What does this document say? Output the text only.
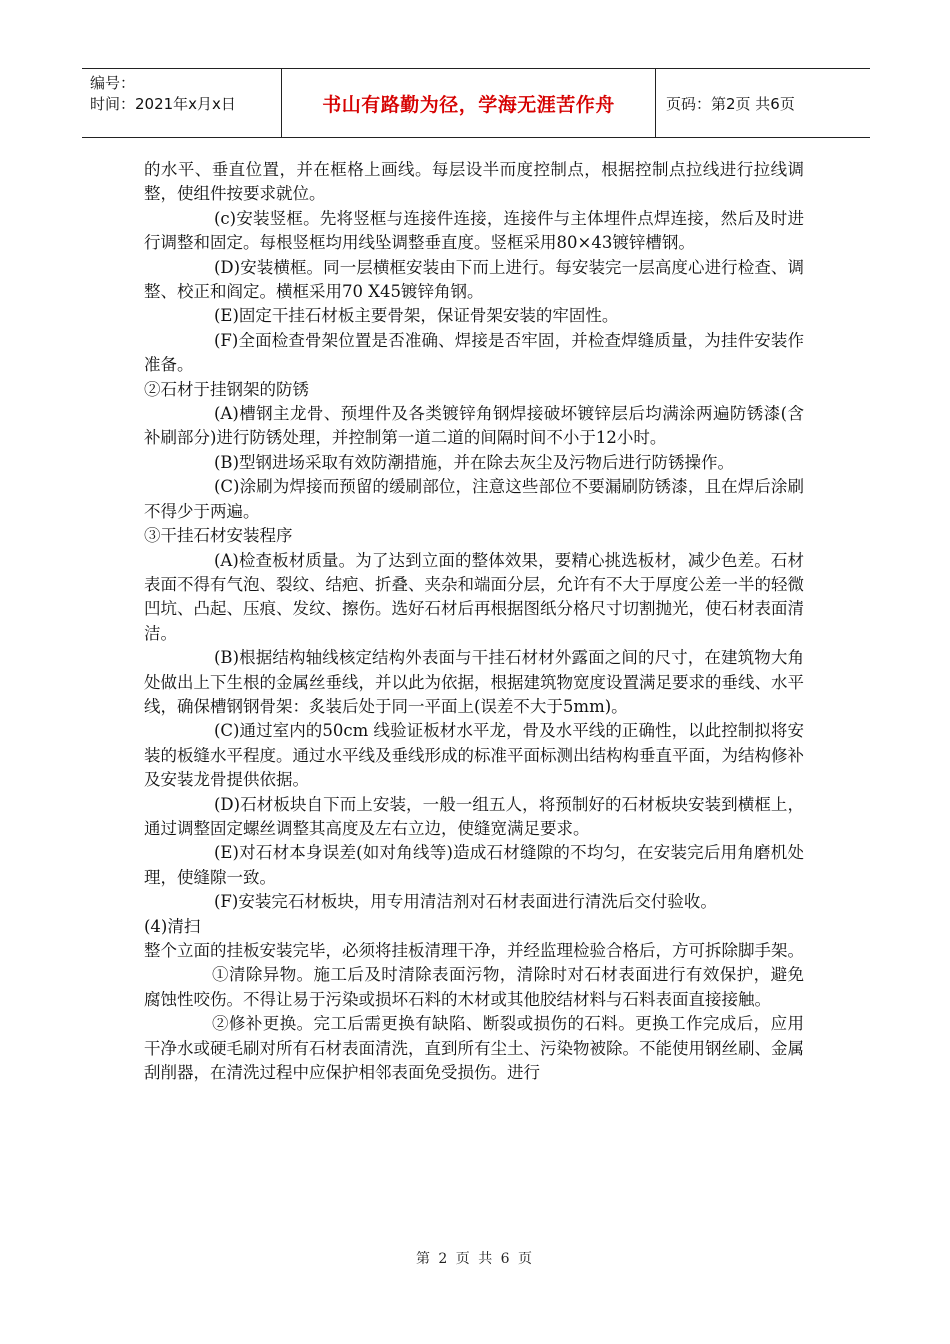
编号：
时间：2021年x月x日	书山有路勤为径，学海无涯苦作舟	页码：第2页 共6页

的水平、垂直位置，并在框格上画线。每层设半而度控制点，根据控制点拉线进行拉线调整，使组件按要求就位。

(c)安装竖框。先将竖框与连接件连接，连接件与主体埋件点焊连接，然后及时进行调整和固定。每根竖框均用线坠调整垂直度。竖框采用80×43镀锌槽钢。

(D)安装横框。同一层横框安装由下而上进行。每安装完一层高度心进行检查、调整、校正和阎定。横框采用70 X45镀锌角钢。

(E)固定干挂石材板主要骨架，保证骨架安装的牢固性。

(F)全面检查骨架位置是否准确、焊接是否牢固，并检查焊缝质量，为挂件安装作准备。

②石材于挂钢架的防锈

(A)槽钢主龙骨、预埋件及各类镀锌角钢焊接破坏镀锌层后均满涂两遍防锈漆(含补刷部分)进行防锈处理，并控制第一道二道的间隔时间不小于12小时。

(B)型钢进场采取有效防潮措施，并在除去灰尘及污物后进行防锈操作。

(C)涂刷为焊接而预留的缓刷部位，注意这些部位不要漏刷防锈漆，且在焊后涂刷不得少于两遍。

③干挂石材安装程序

(A)检查板材质量。为了达到立面的整体效果，要精心挑选板材，减少色差。石材表面不得有气泡、裂纹、结疤、折叠、夹杂和端面分层，允许有不大于厚度公差一半的轻微凹坑、凸起、压痕、发纹、擦伤。选好石材后再根据图纸分格尺寸切割抛光，使石材表面清洁。

(B)根据结构轴线核定结构外表面与干挂石材材外露面之间的尺寸，在建筑物大角处做出上下生根的金属丝垂线，并以此为依据，根据建筑物宽度设置满足要求的垂线、水平线，确保槽钢钢骨架：炙装后处于同一平面上(误差不大于5mm)。

(C)通过室内的50cm 线验证板材水平龙，骨及水平线的正确性，以此控制拟将安装的板缝水平程度。通过水平线及垂线形成的标准平面标测出结构构垂直平面，为结构修补及安装龙骨提供依据。

(D)石材板块自下而上安装，一般一组五人，将预制好的石材板块安装到横框上，通过调整固定螺丝调整其高度及左右立边，使缝宽满足要求。

(E)对石材本身误差(如对角线等)造成石材缝隙的不均匀，在安装完后用角磨机处理，使缝隙一致。

(F)安装完石材板块，用专用清洁剂对石材表面进行清洗后交付验收。

(4)清扫

整个立面的挂板安装完毕，必须将挂板清理干净，并经监理检验合格后，方可拆除脚手架。

①清除异物。施工后及时清除表面污物，清除时对石材表面进行有效保护，避免腐蚀性咬伤。不得让易于污染或损坏石料的木材或其他胶结材料与石料表面直接接触。

②修补更换。完工后需更换有缺陷、断裂或损伤的石料。更换工作完成后，应用干净水或硬毛刷对所有石材表面清洗，直到所有尘土、污染物被除。不能使用钢丝刷、金属刮削器，在清洗过程中应保护相邻表面免受损伤。进行

第 2 页 共 6 页
